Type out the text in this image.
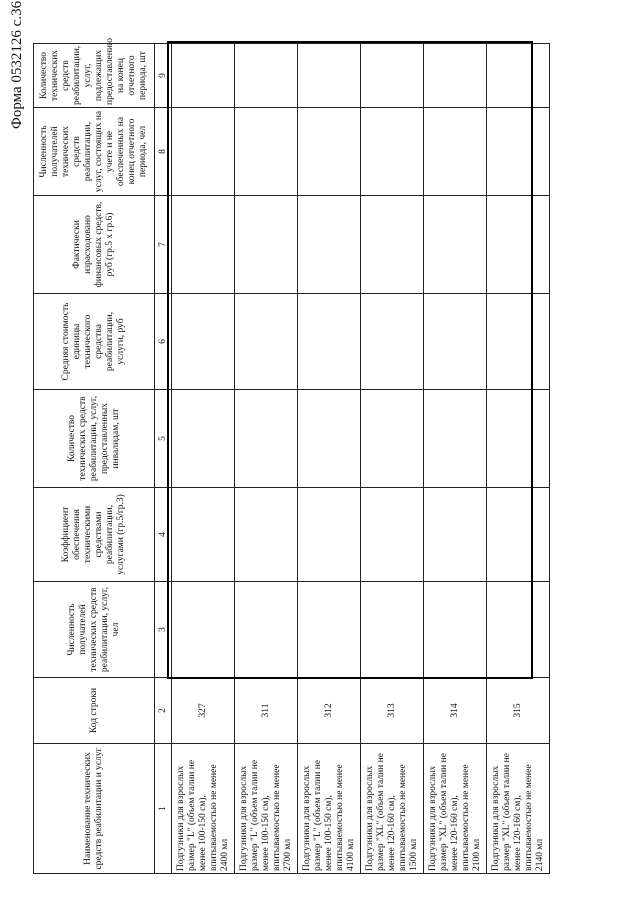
Форма 0532126 с.36
Наименование технических средств реабилитации и услуг	Код строки	Численность получателей технических средств реабилитации, услуг, чел	Коэффициент обеспечения техническими средствами реабилитации, услугами (гр.5/гр.3)	Количество технических средств реабилитации, услуг, предоставленных инвалидам, шт	Средняя стоимость единицы технического средства реабилитации, услуги, руб	Фактически израсходовано финансовых средств, руб (гр.5 х гр.6)	Численность получателей технических средств реабилитации, услуг, состоящих на учете и не обеспеченных на конец отчетного периода, чел	Количество технических средств реабилитации, услуг, подлежащих предоставлению на конец отчетного периода, шт
1	2	3	4	5	6	7	8	9
Подгузники для взрослых размер "L" (объем талии не менее 100-150 см), впитываемостью не менее 2400 мл	327							
Подгузники для взрослых размер "L" (объем талии не менее 100-150 см), впитываемостью не менее 2700 мл	311							
Подгузники для взрослых размер "L" (объем талии не менее 100-150 см), впитываемостью не менее 4100 мл	312							
Подгузники для взрослых размер "XL" (объем талии не менее 120-160 см), впитываемостью не менее 1500 мл	313							
Подгузники для взрослых размер "XL" (объем талии не менее 120-160 см), впитываемостью не менее 2100 мл	314							
Подгузники для взрослых размер "XL" (объем талии не менее 120-160 см), впитываемостью не менее 2140 мл	315							
